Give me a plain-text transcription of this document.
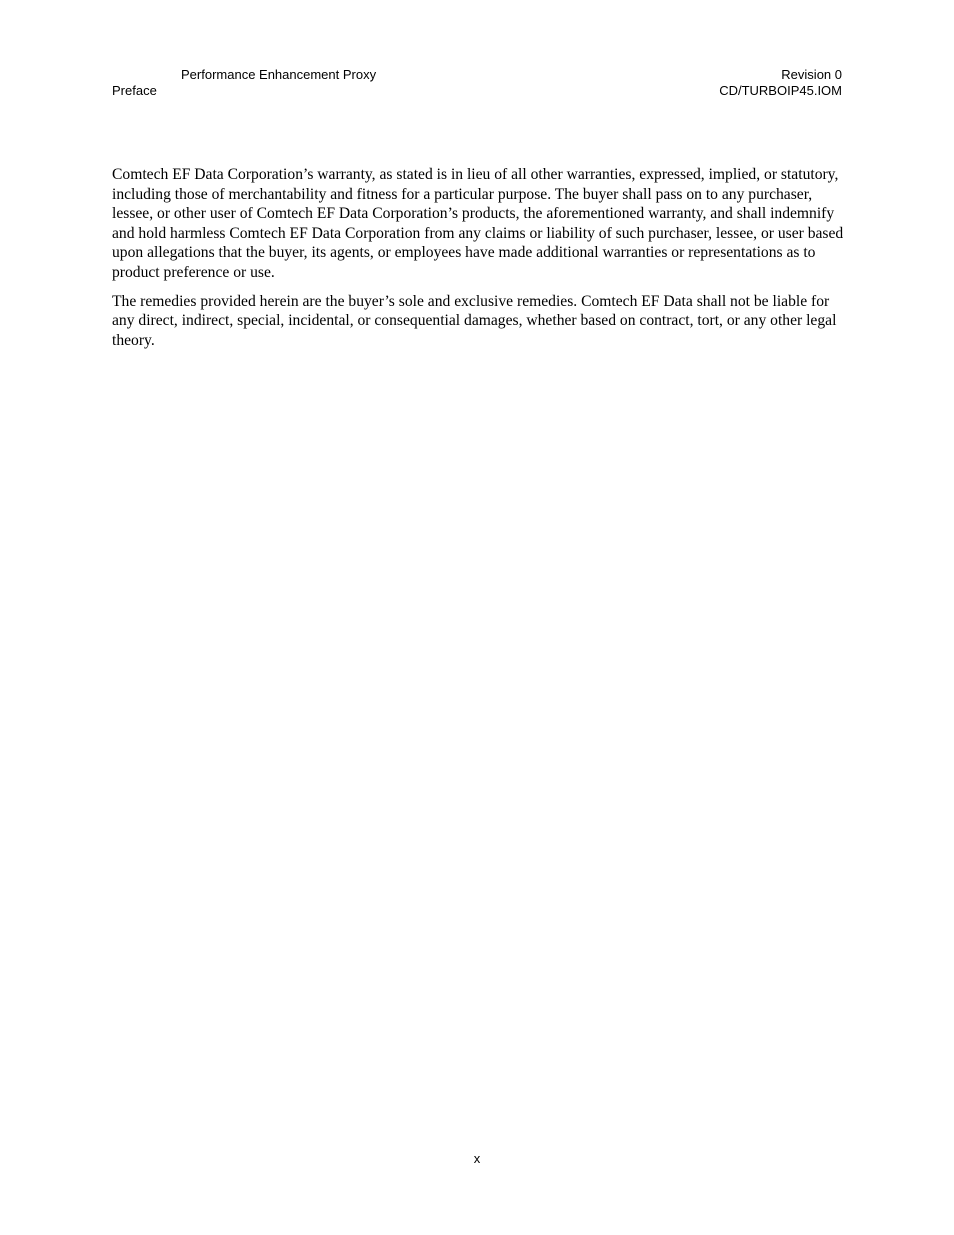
Performance Enhancement Proxy
Preface
Revision 0
CD/TURBOIP45.IOM

Comtech EF Data Corporation’s warranty, as stated is in lieu of all other warranties, expressed, implied, or statutory, including those of merchantability and fitness for a particular purpose. The buyer shall pass on to any purchaser, lessee, or other user of Comtech EF Data Corporation’s products, the aforementioned warranty, and shall indemnify and hold harmless Comtech EF Data Corporation from any claims or liability of such purchaser, lessee, or user based upon allegations that the buyer, its agents, or employees have made additional warranties or representations as to product preference or use.

The remedies provided herein are the buyer’s sole and exclusive remedies. Comtech EF Data shall not be liable for any direct, indirect, special, incidental, or consequential damages, whether based on contract, tort, or any other legal theory.

x
